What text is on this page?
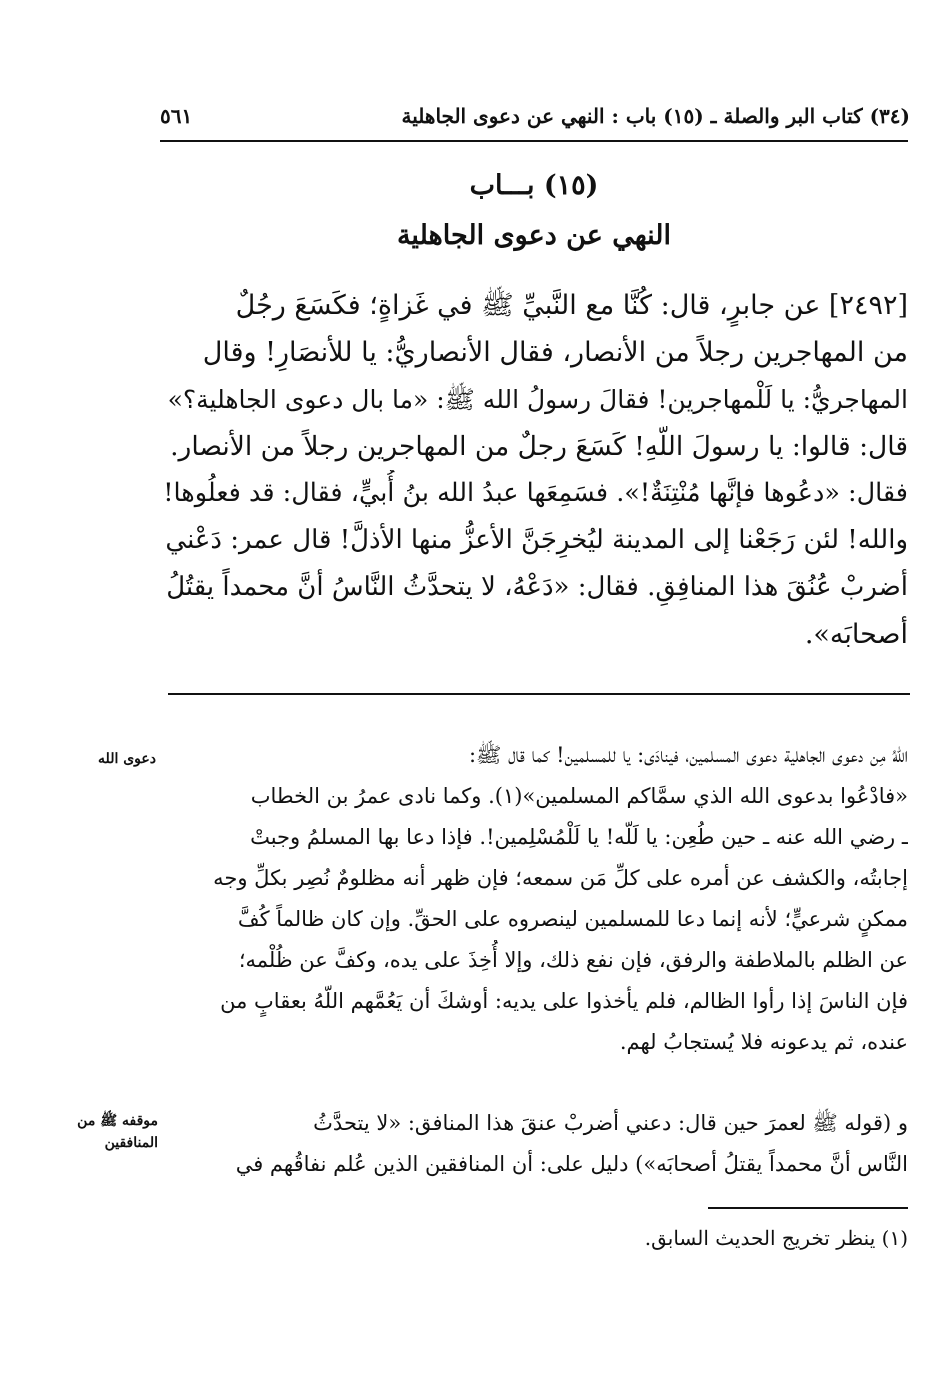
٥٦١	(٣٤) كتاب البر والصلة ـ (١٥) باب : النهي عن دعوى الجاهلية
(١٥) بـــاب
النهي عن دعوى الجاهلية
[٢٤٩٢] عن جابرٍ، قال: كُنَّا مع النَّبيِّ ﷺ في غَزاةٍ؛ فكَسَعَ رجُلٌ
من المهاجرين رجلاً من الأنصار، فقال الأنصاريُّ: يا للأنصَارِ! وقال
المهاجريُّ: يا لَلْمهاجرين! فقالَ رسولُ الله ﷺ: «ما بال دعوى الجاهلية؟»
قال: قالوا: يا رسولَ اللّهِ! كَسَعَ رجلٌ من المهاجرين رجلاً من الأنصار.
فقال: «دعُوها فإنَّها مُنْتِنَةٌ!». فسَمِعَها عبدُ الله بنُ أُبيٍّ، فقال: قد فعلُوها!
والله! لئن رَجَعْنا إلى المدينة ليُخرِجَنَّ الأعزُّ منها الأذلَّ! قال عمر: دَعْني
أضربْ عُنُقَ هذا المنافِقِ. فقال: «دَعْهُ، لا يتحدَّثُ النَّاسُ أنَّ محمداً يقتُلُ
أصحابَه».
دعوى الله	اللّهُ مِن دعوى الجاهلية دعوى المسلمين، فينادَى: يا للمسلمين! كما قال ﷺ:
«فادْعُوا بدعوى الله الذي سمَّاكم المسلمين»(١). وكما نادى عمرُ بن الخطاب
ـ رضي الله عنه ـ حين طُعِن: يا لَلّه! يا لَلْمُسْلِمين!. فإذا دعا بها المسلمُ وجبتْ
إجابتُه، والكشف عن أمره على كلِّ مَن سمعه؛ فإن ظهر أنه مظلومٌ نُصِر بكلِّ وجه
ممكنٍ شرعيٍّ؛ لأنه إنما دعا للمسلمين لينصروه على الحقِّ. وإن كان ظالماً كُفَّ
عن الظلم بالملاطفة والرفق، فإن نفع ذلك، وإلا أُخِذَ على يده، وكفَّ عن ظُلْمه؛
فإن الناسَ إذا رأوا الظالم، فلم يأخذوا على يديه: أوشكَ أن يَعُمَّهم اللّهُ بعقابٍ من
عنده، ثم يدعونه فلا يُستجابُ لهم.
موقفه ﷺ من
المنافقين
و (قوله ﷺ لعمرَ حين قال: دعني أضربْ عنقَ هذا المنافق: «لا يتحدَّثُ
النَّاس أنَّ محمداً يقتلُ أصحابَه») دليل على: أن المنافقين الذين عُلم نفاقُهم في
(١) ينظر تخريج الحديث السابق.
